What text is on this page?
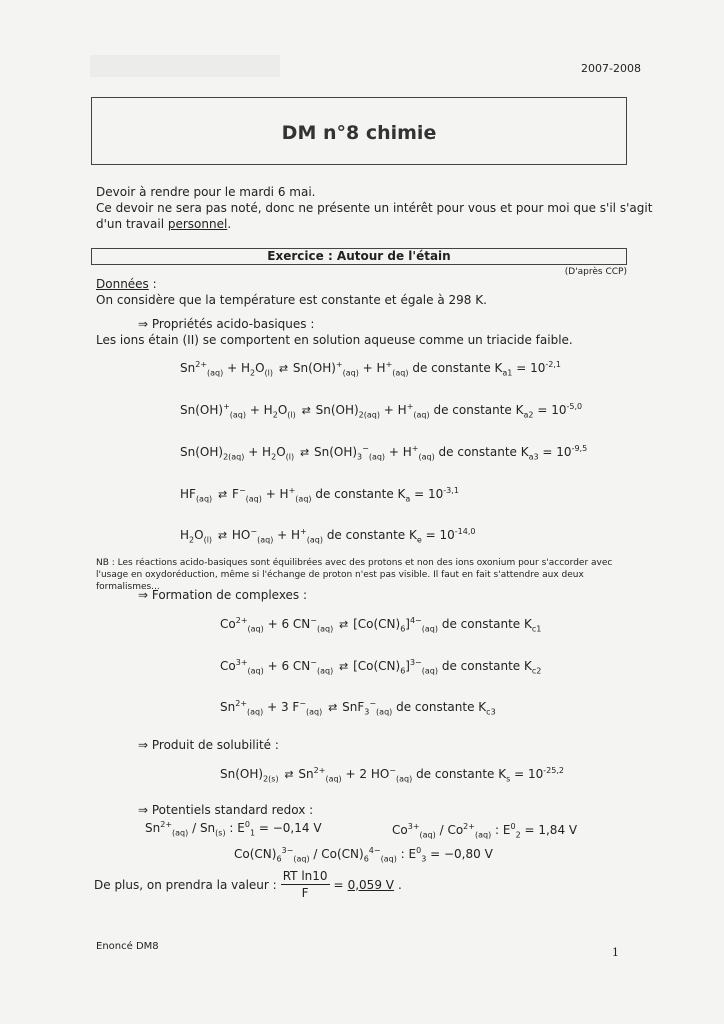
2007-2008
DM n°8 chimie
Devoir à rendre pour le mardi 6 mai.
Ce devoir ne sera pas noté, donc ne présente un intérêt pour vous et pour moi que s'il s'agit
d'un travail personnel.
Exercice : Autour de l'étain
(D'après CCP)
Données :
On considère que la température est constante et égale à 298 K.
⇒ Propriétés acido-basiques :
Les ions étain (II) se comportent en solution aqueuse comme un triacide faible.
$Sn^{2+}_{(aq)} + H_2O_{(l)}$ ⇄ $Sn(OH)^+_{(aq)} + H^+_{(aq)}$ de constante $K_{a1} = 10^{-2,1}$
$Sn(OH)^+_{(aq)} + H_2O_{(l)}$ ⇄ $Sn(OH)_{2(aq)} + H^+_{(aq)}$ de constante $K_{a2} = 10^{-5,0}$
$Sn(OH)_{2(aq)} + H_2O_{(l)}$ ⇄ $Sn(OH)_3^-_{(aq)} + H^+_{(aq)}$ de constante $K_{a3} = 10^{-9,5}$
$HF_{(aq)}$ ⇄ $F^-_{(aq)} + H^+_{(aq)}$ de constante $K_a = 10^{-3,1}$
$H_2O_{(l)}$ ⇄ $HO^-_{(aq)} + H^+_{(aq)}$ de constante $K_e = 10^{-14,0}$
NB : Les réactions acido-basiques sont équilibrées avec des protons et non des ions oxonium pour s'accorder avec l'usage en oxydoréduction, même si l'échange de proton n'est pas visible. Il faut en fait s'attendre aux deux formalismes...
⇒ Formation de complexes :
$Co^{2+}_{(aq)} + 6$ $CN^-_{(aq)}$ ⇄ $[Co(CN)_6]^{4-}_{(aq)}$ de constante $K_{c1}$
$Co^{3+}_{(aq)} + 6$ $CN^-_{(aq)}$ ⇄ $[Co(CN)_6]^{3-}_{(aq)}$ de constante $K_{c2}$
$Sn^{2+}_{(aq)} + 3$ $F^-_{(aq)}$ ⇄ SnF$_3$−$_{(aq)}$ de constante $K_{c3}$
⇒ Produit de solubilité :
$Sn(OH)_{2(s)}$ ⇄ $Sn^{2+}_{(aq)} + 2$ $HO^-_{(aq)}$ de constante $K_s = 10^{-25,2}$
⇒ Potentiels standard redox :
$Sn^{2+}_{(aq)} / Sn_{(s)}$ : $E^0_1 = -0,14$ V	$Co^{3+}_{(aq)} / Co^{2+}_{(aq)}$ : $E^0_2 = 1,84$ V
$Co(CN)_6^{3-}_{(aq)} / Co(CN)_6^{4-}_{(aq)}$ : $E^0_3 = -0,80$ V
De plus, on prendra la valeur : $\frac{\text{RT ln10}}{F} = 0,059$ V .
Enoncé DM8	1
